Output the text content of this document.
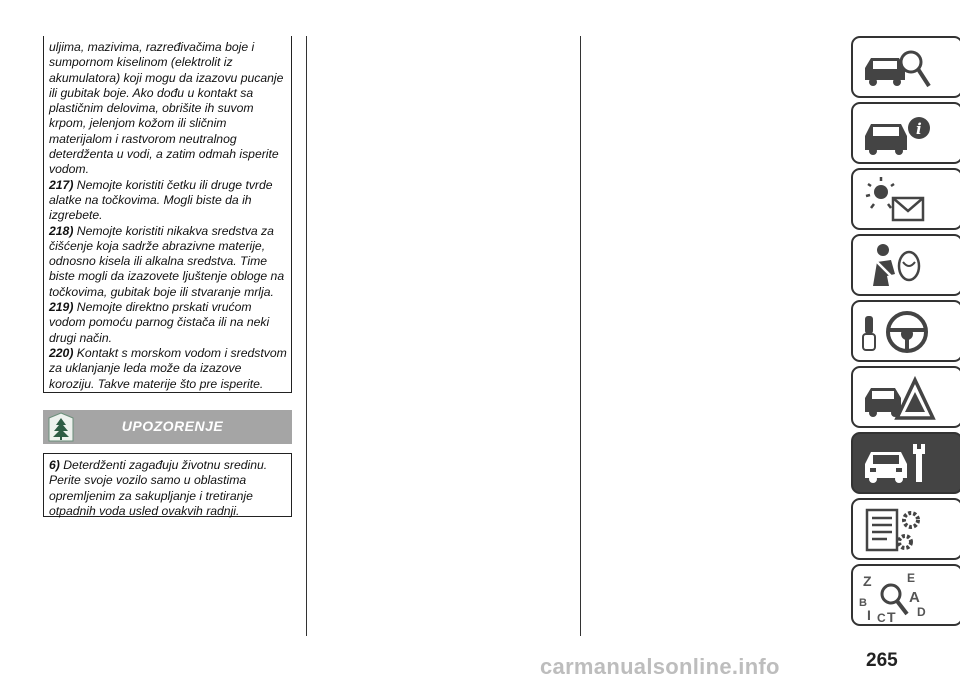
uljima, mazivima, razređivačima boje i sumpornom kiselinom (elektrolit iz akumulatora) koji mogu da izazovu pucanje ili gubitak boje. Ako dođu u kontakt sa plastičnim delovima, obrišite ih suvom krpom, jelenjom kožom ili sličnim materijalom i rastvorom neutralnog deterdženta u vodi, a zatim odmah isperite vodom.

217) Nemojte koristiti četku ili druge tvrde alatke na točkovima. Mogli biste da ih izgrebete.

218) Nemojte koristiti nikakva sredstva za čišćenje koja sadrže abrazivne materije, odnosno kisela ili alkalna sredstva. Time biste mogli da izazovete ljuštenje obloge na točkovima, gubitak boje ili stvaranje mrlja.

219) Nemojte direktno prskati vrućom vodom pomoću parnog čistača ili na neki drugi način.

220) Kontakt s morskom vodom i sredstvom za uklanjanje leda može da izazove koroziju. Takve materije što pre isperite.

UPOZORENJE

6) Deterdženti zagađuju životnu sredinu. Perite svoje vozilo samo u oblastima opremljenim za sakupljanje i tretiranje otpadnih voda usled ovakvih radnji.

i
Z	E
B	A
I C T D
265
carmanualsonline.info
